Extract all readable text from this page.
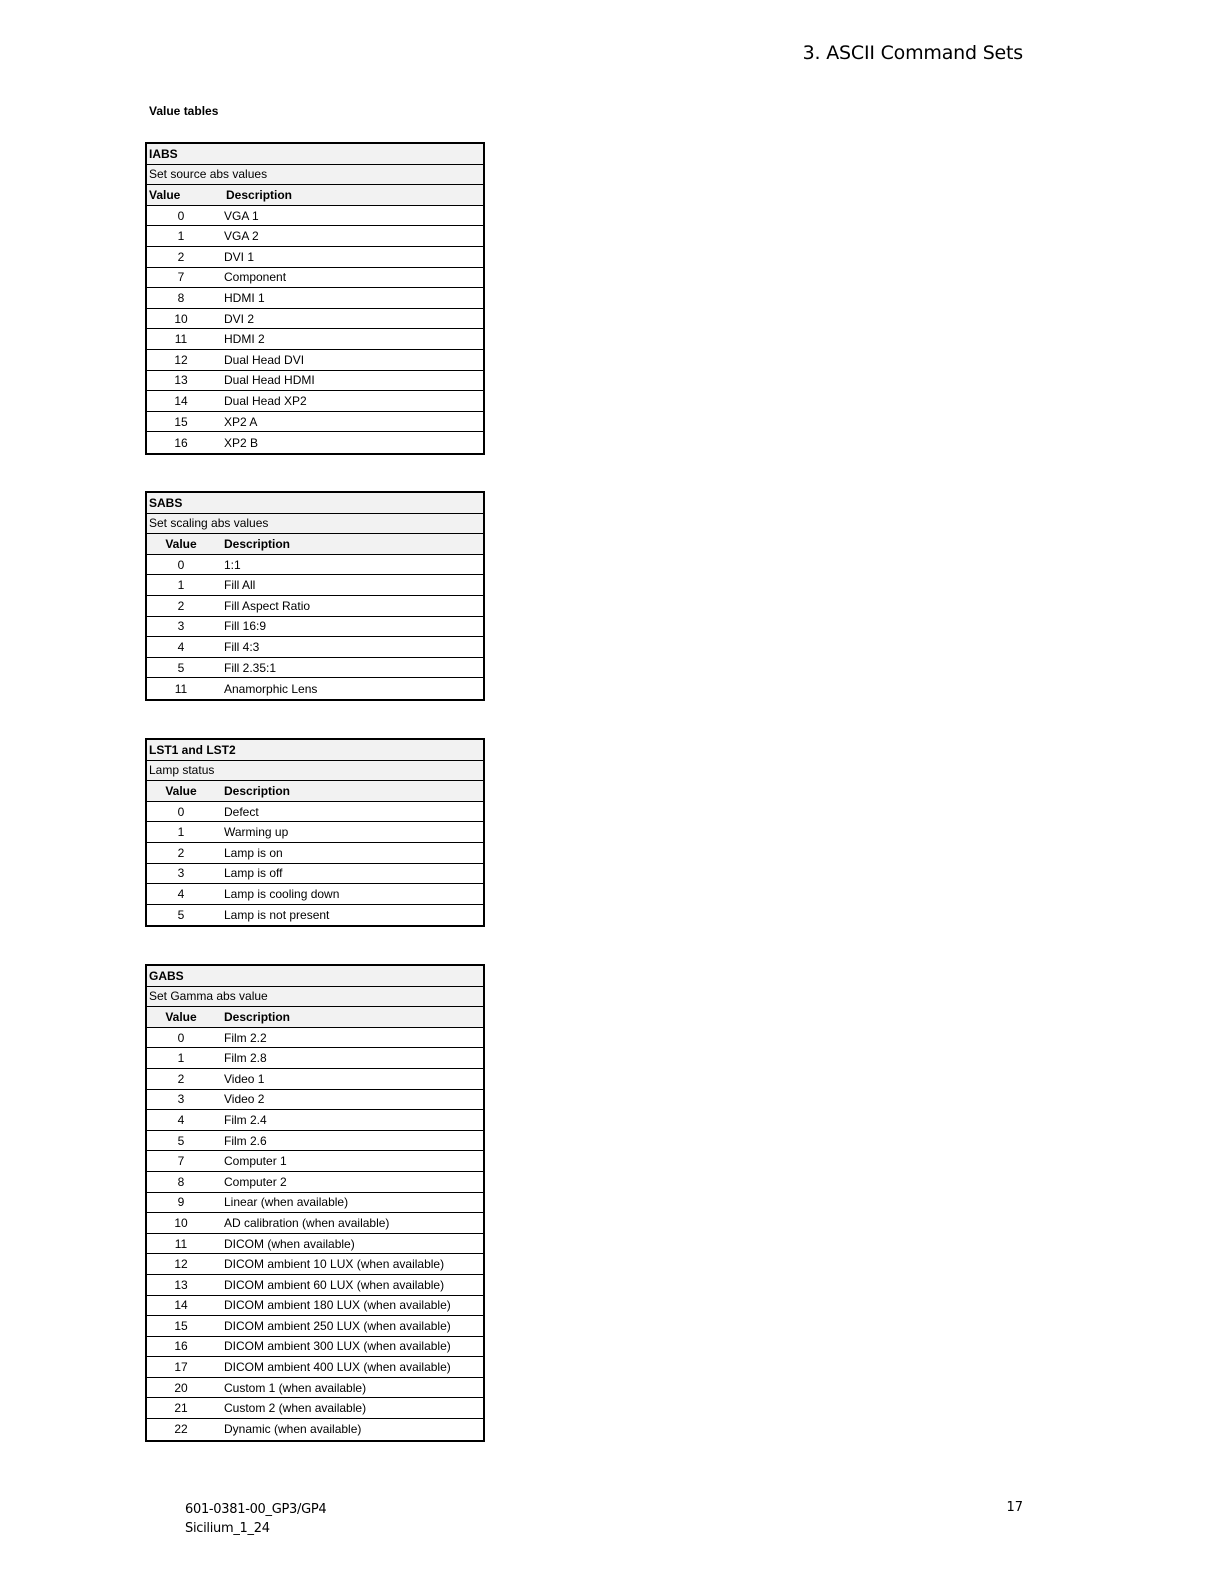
3. ASCII Command Sets
Value tables
IABS
Set source abs values
Value	Description
0	VGA 1
1	VGA 2
2	DVI 1
7	Component
8	HDMI 1
10	DVI 2
11	HDMI 2
12	Dual Head DVI
13	Dual Head HDMI
14	Dual Head XP2
15	XP2 A
16	XP2 B
SABS
Set scaling abs values
Value	Description
0	1:1
1	Fill All
2	Fill Aspect Ratio
3	Fill 16:9
4	Fill 4:3
5	Fill 2.35:1
11	Anamorphic Lens
LST1 and LST2
Lamp status
Value	Description
0	Defect
1	Warming up
2	Lamp is on
3	Lamp is off
4	Lamp is cooling down
5	Lamp is not present
GABS
Set Gamma abs value
Value	Description
0	Film 2.2
1	Film 2.8
2	Video 1
3	Video 2
4	Film 2.4
5	Film 2.6
7	Computer 1
8	Computer 2
9	Linear (when available)
10	AD calibration (when available)
11	DICOM (when available)
12	DICOM ambient 10 LUX (when available)
13	DICOM ambient 60 LUX (when available)
14	DICOM ambient 180 LUX (when available)
15	DICOM ambient 250 LUX (when available)
16	DICOM ambient 300 LUX (when available)
17	DICOM ambient 400 LUX (when available)
20	Custom 1 (when available)
21	Custom 2 (when available)
22	Dynamic (when available)
601-0381-00_GP3/GP4
Sicilium_1_24
17
